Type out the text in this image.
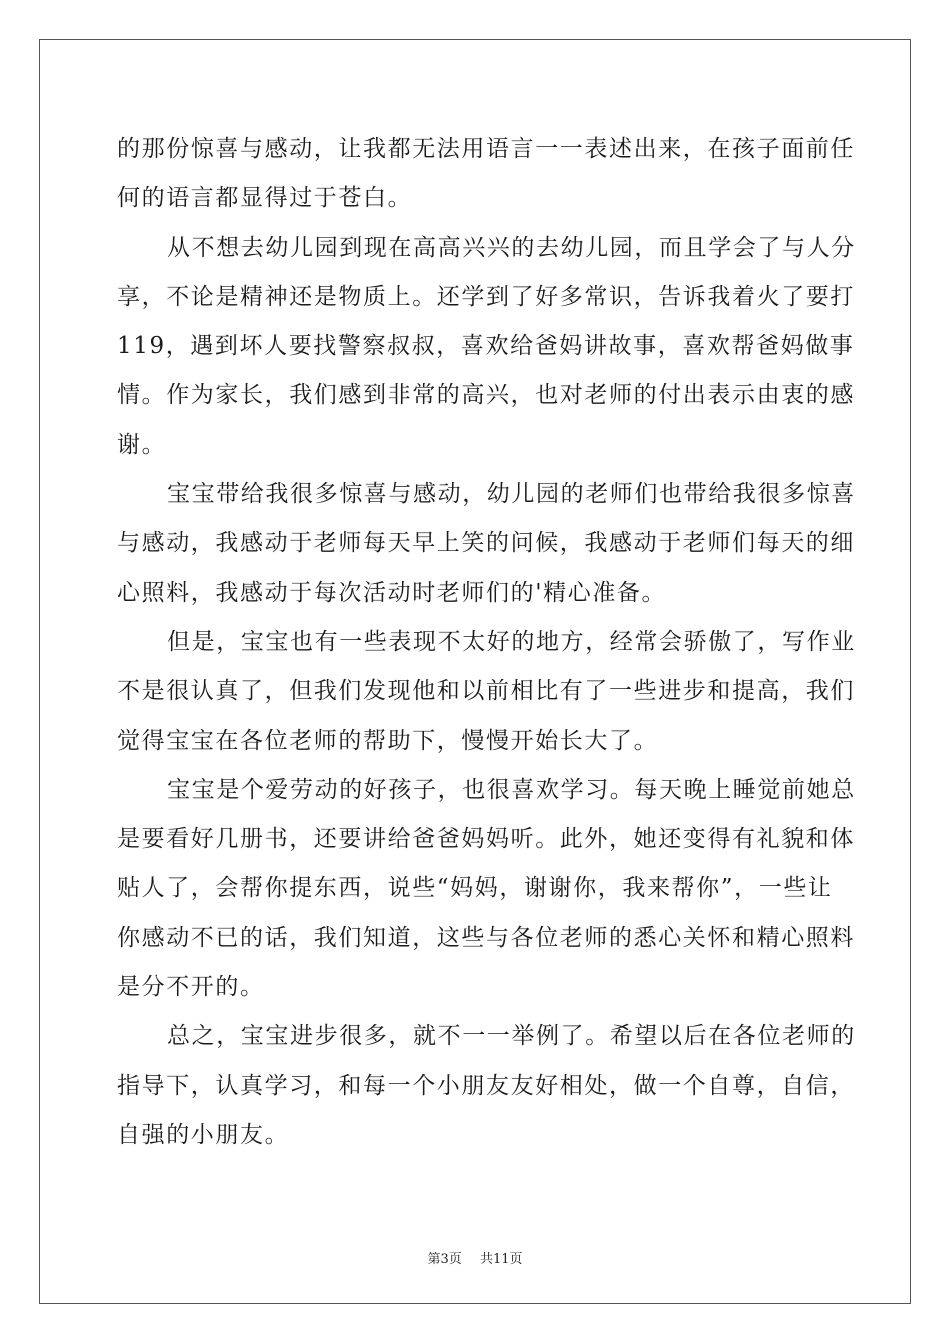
的那份惊喜与感动，让我都无法用语言一一表述出来，在孩子面前任
何的语言都显得过于苍白。
从不想去幼儿园到现在高高兴兴的去幼儿园，而且学会了与人分
享，不论是精神还是物质上。还学到了好多常识，告诉我着火了要打
119，遇到坏人要找警察叔叔，喜欢给爸妈讲故事，喜欢帮爸妈做事
情。作为家长，我们感到非常的高兴，也对老师的付出表示由衷的感
谢。
宝宝带给我很多惊喜与感动，幼儿园的老师们也带给我很多惊喜
与感动，我感动于老师每天早上笑的问候，我感动于老师们每天的细
心照料，我感动于每次活动时老师们的'精心准备。
但是，宝宝也有一些表现不太好的地方，经常会骄傲了，写作业
不是很认真了，但我们发现他和以前相比有了一些进步和提高，我们
觉得宝宝在各位老师的帮助下，慢慢开始长大了。
宝宝是个爱劳动的好孩子，也很喜欢学习。每天晚上睡觉前她总
是要看好几册书，还要讲给爸爸妈妈听。此外，她还变得有礼貌和体
贴人了，会帮你提东西，说些“妈妈，谢谢你，我来帮你”，一些让
你感动不已的话，我们知道，这些与各位老师的悉心关怀和精心照料
是分不开的。
总之，宝宝进步很多，就不一一举例了。希望以后在各位老师的
指导下，认真学习，和每一个小朋友友好相处，做一个自尊，自信，
自强的小朋友。
第3页 共11页
